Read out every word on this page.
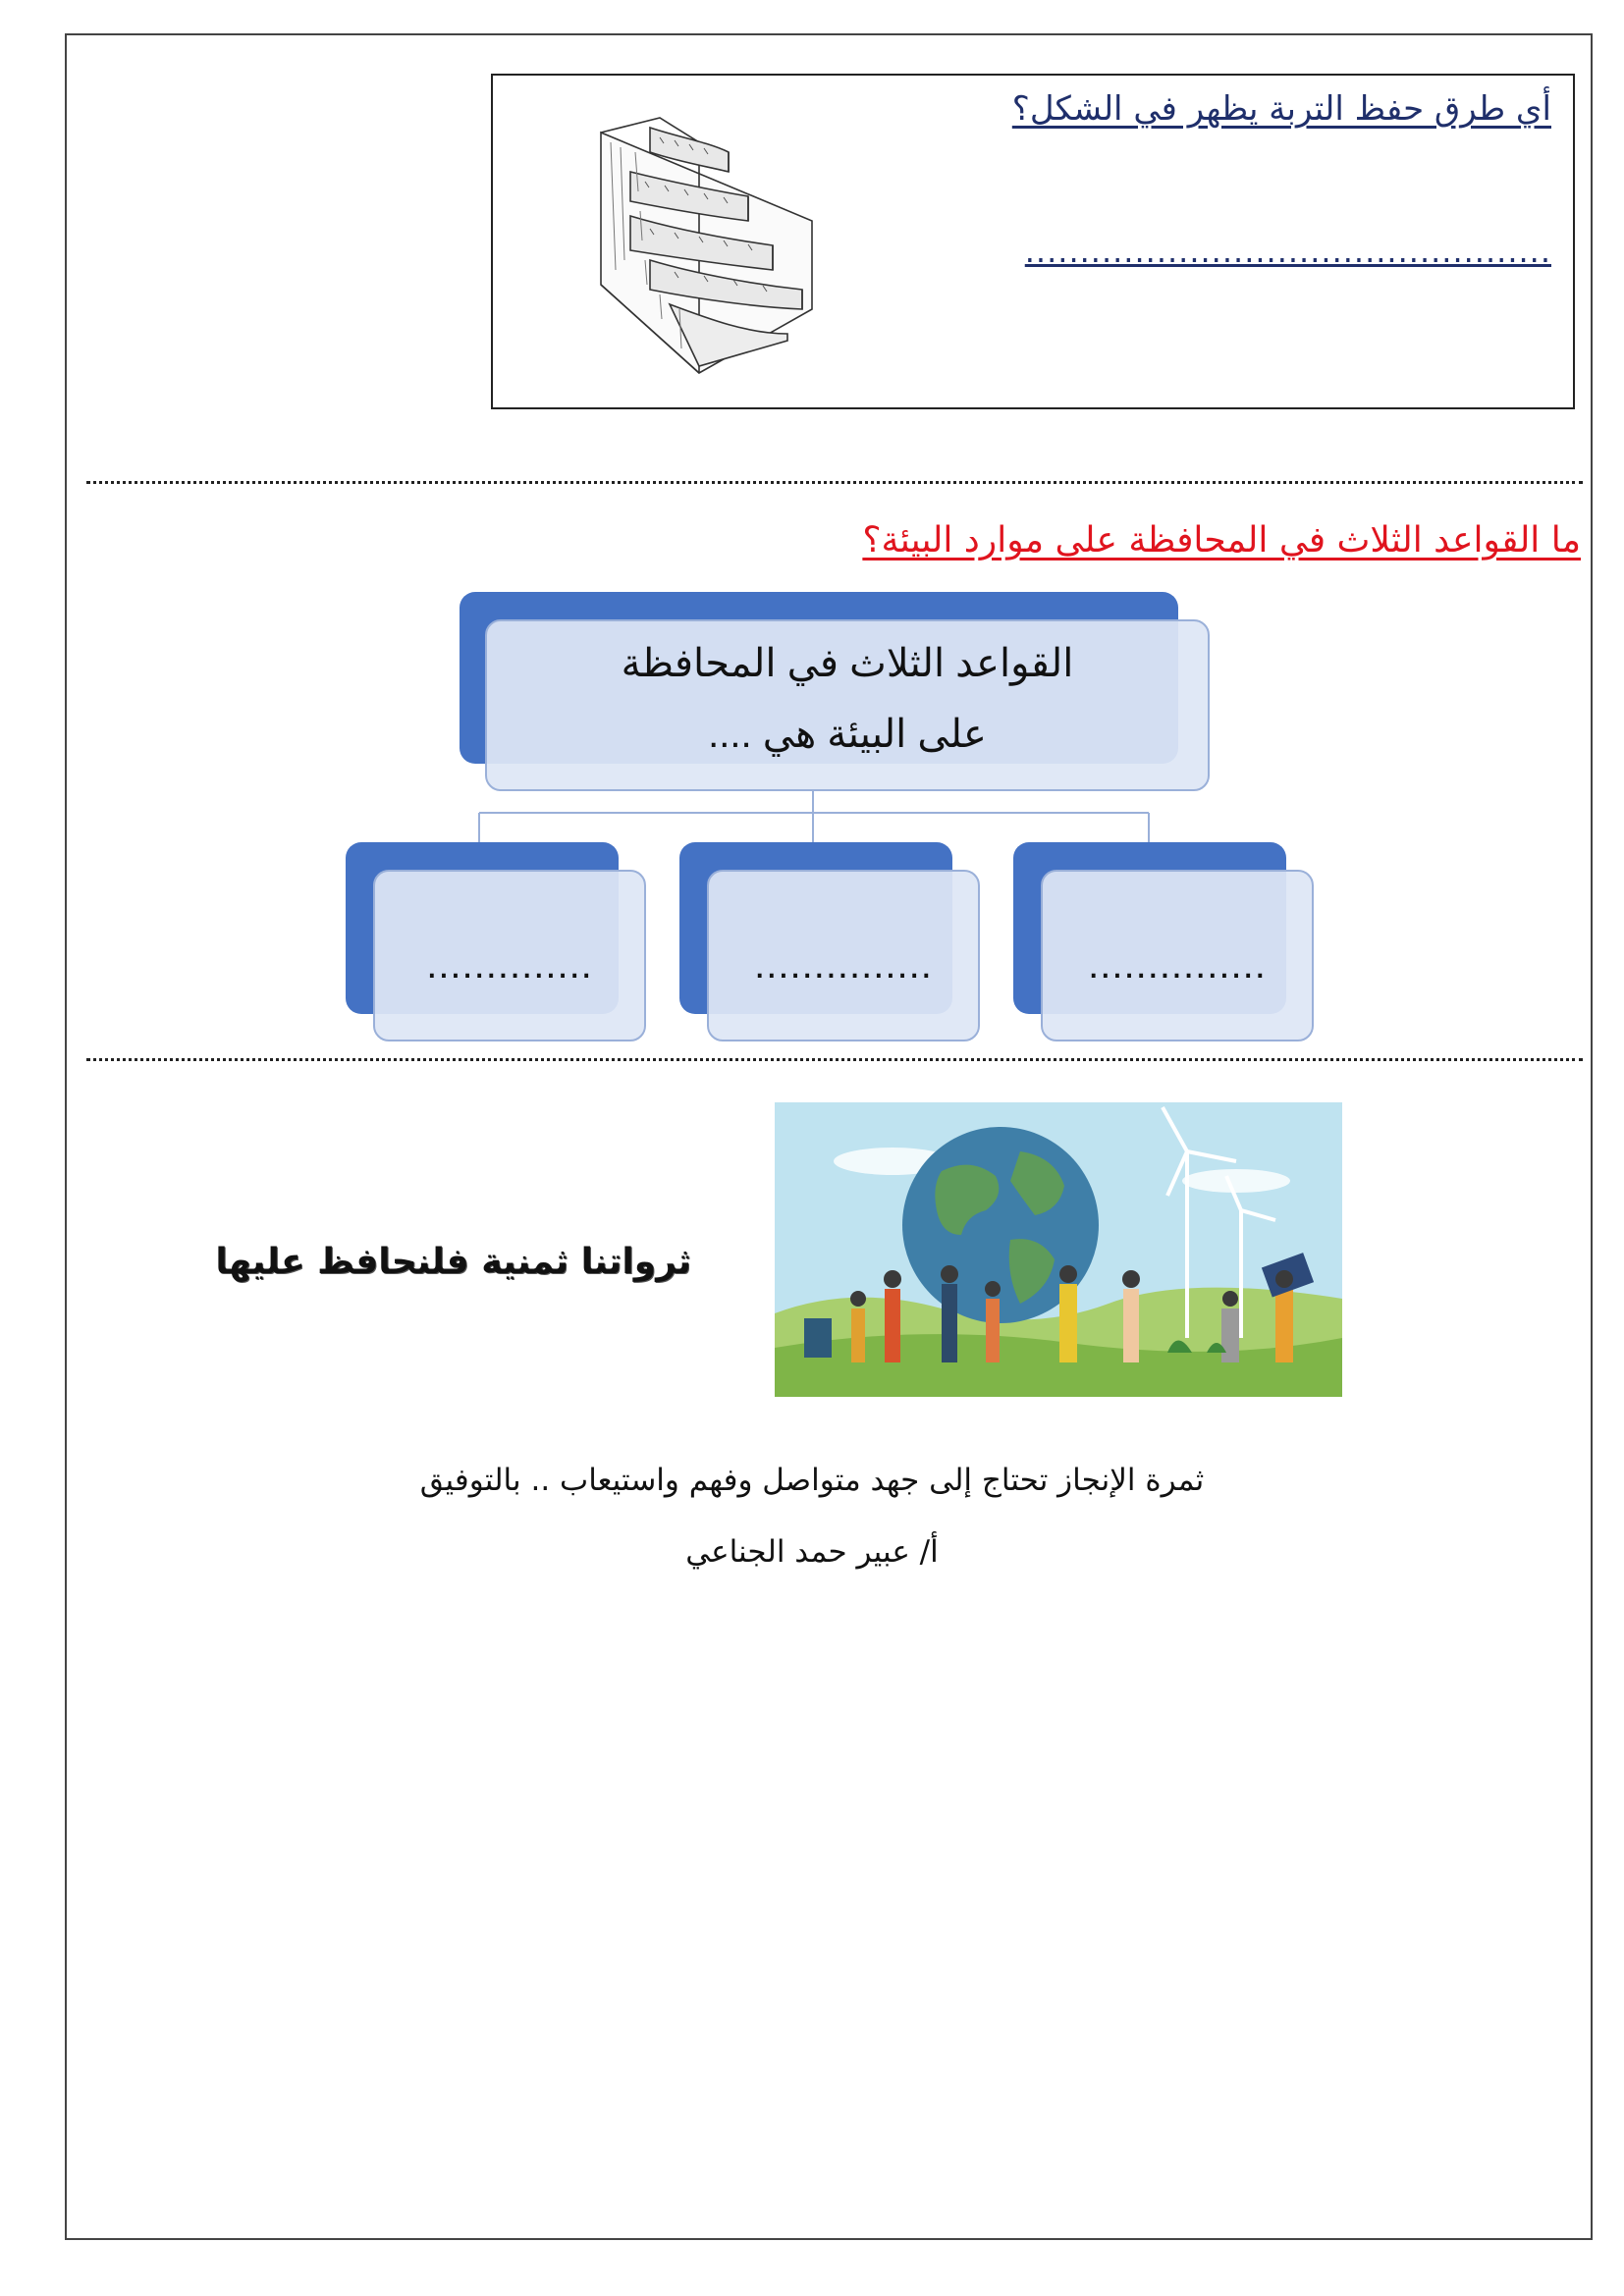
أي طرق حفظ التربة يظهر في الشكل؟
................................................
ما القواعد الثلاث في المحافظة على موارد البيئة؟
القواعد الثلاث في المحافظة
على البيئة هي ....
...............
...............
..............
ثرواتنا ثمنية فلنحافظ عليها
ثمرة الإنجاز تحتاج إلى جهد متواصل وفهم واستيعاب .. بالتوفيق
أ/ عبير حمد الجناعي
